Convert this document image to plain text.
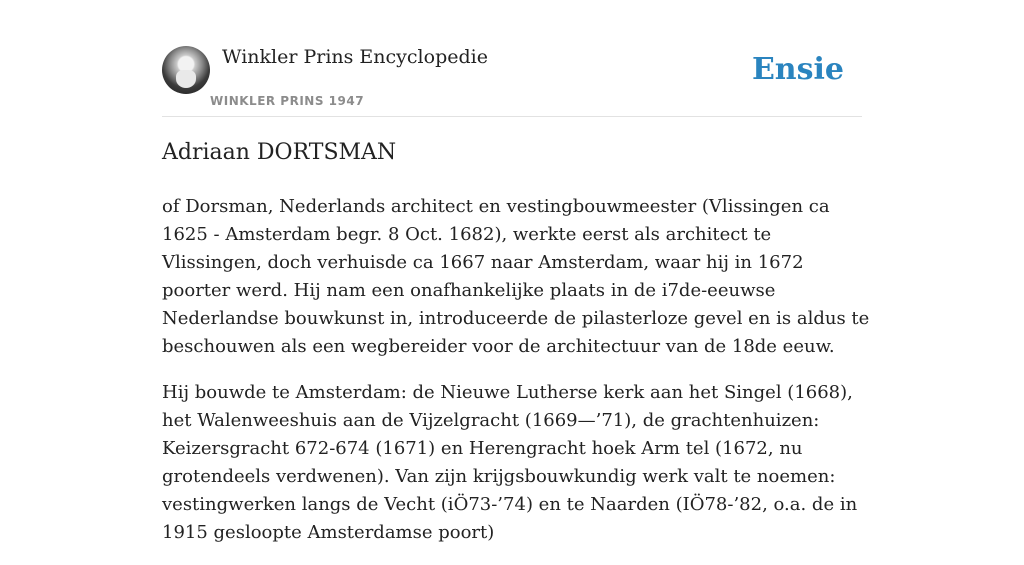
Winkler Prins Encyclopedie
WINKLER PRINS 1947
Ensie
Adriaan DORTSMAN

of Dorsman, Nederlands architect en vestingbouwmeester (Vlissingen ca 1625 - Amsterdam begr. 8 Oct. 1682), werkte eerst als architect te Vlissingen, doch verhuisde ca 1667 naar Amsterdam, waar hij in 1672 poorter werd. Hij nam een onafhankelijke plaats in de i7de-eeuwse Nederlandse bouwkunst in, introduceerde de pilasterloze gevel en is aldus te beschouwen als een wegbereider voor de architectuur van de 18de eeuw.

Hij bouwde te Amsterdam: de Nieuwe Lutherse kerk aan het Singel (1668), het Walenweeshuis aan de Vijzelgracht (1669—’71), de grachtenhuizen: Keizersgracht 672-674 (1671) en Herengracht hoek Arm tel (1672, nu grotendeels verdwenen). Van zijn krijgsbouwkundig werk valt te noemen: vestingwerken langs de Vecht (iÖ73-’74) en te Naarden (IÖ78-’82, o.a. de in 1915 gesloopte Amsterdamse poort)
